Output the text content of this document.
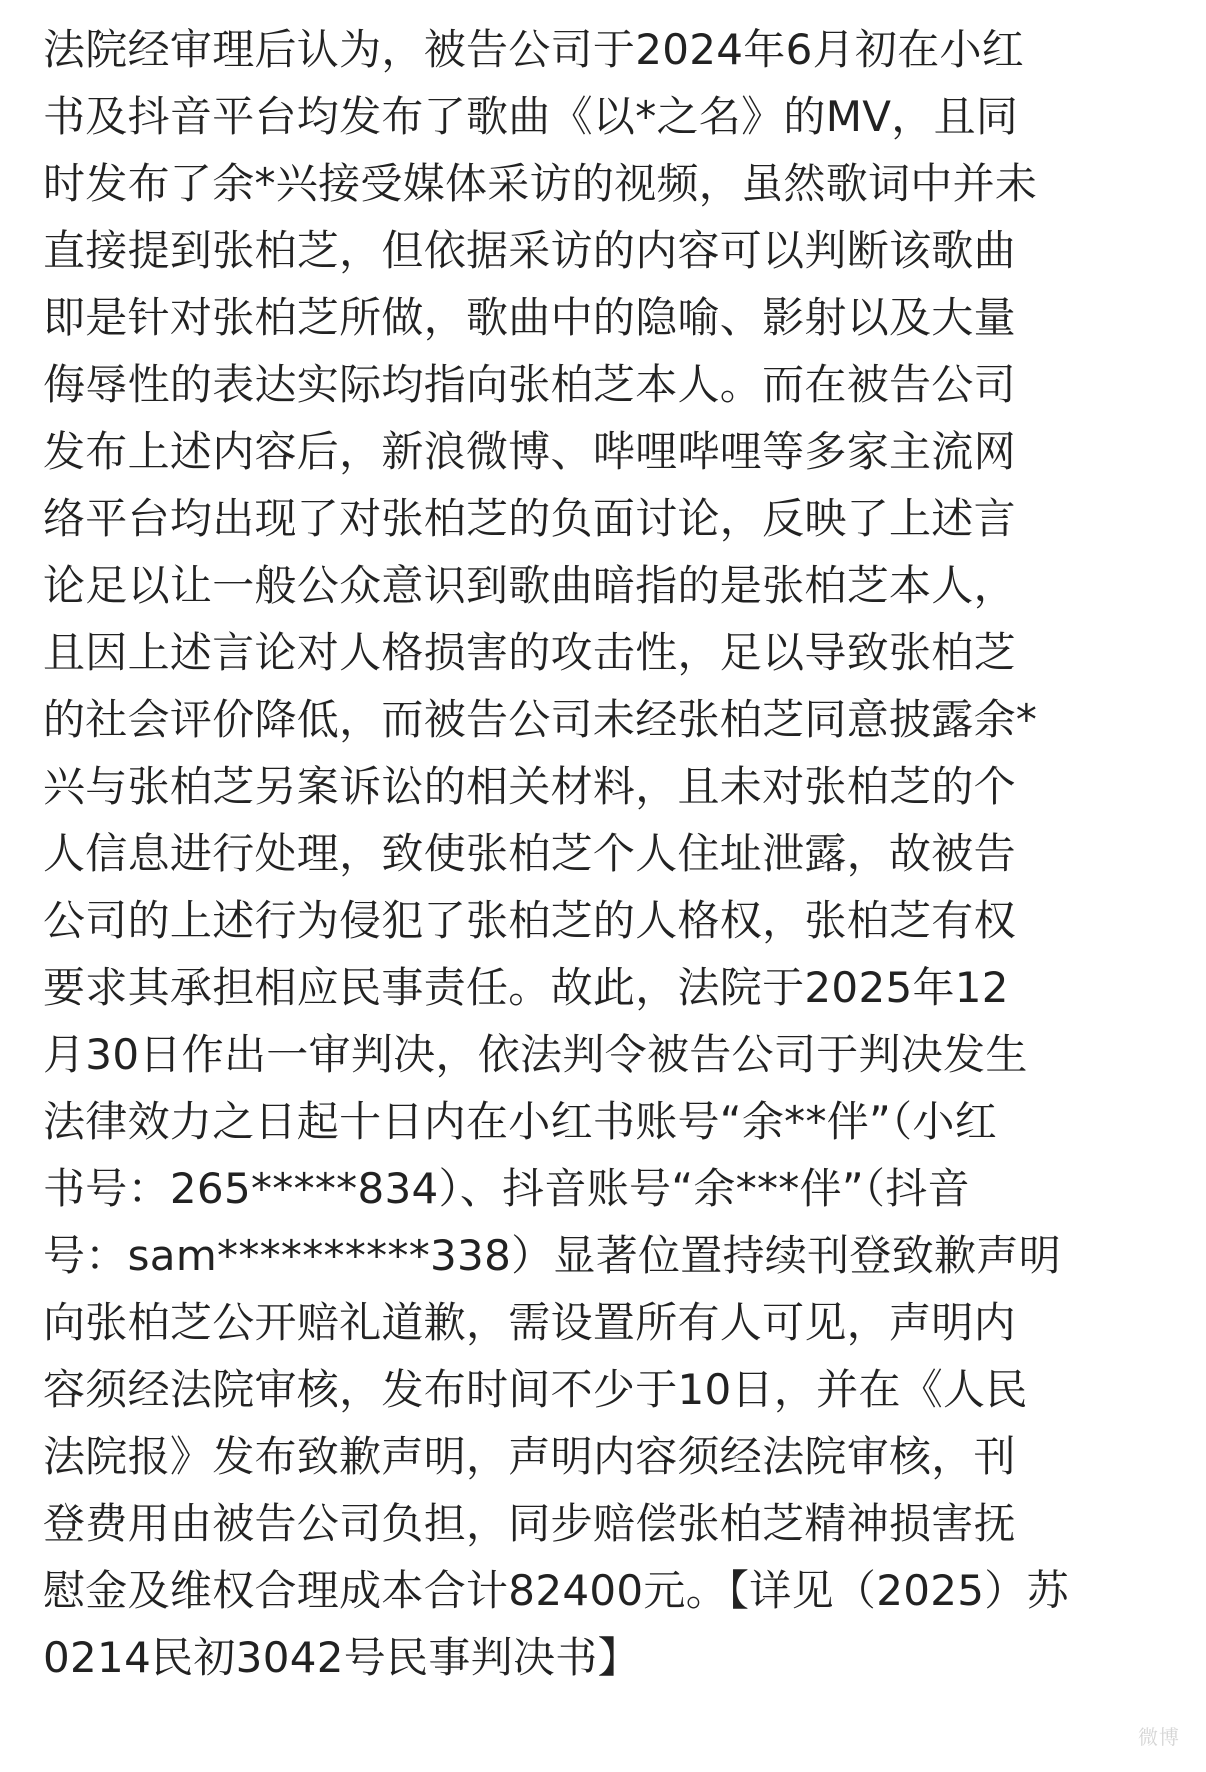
法院经审理后认为，被告公司于2024年6月初在小红
书及抖音平台均发布了歌曲《以*之名》的MV，且同
时发布了余*兴接受媒体采访的视频，虽然歌词中并未
直接提到张柏芝，但依据采访的内容可以判断该歌曲
即是针对张柏芝所做，歌曲中的隐喻、影射以及大量
侮辱性的表达实际均指向张柏芝本人。而在被告公司
发布上述内容后，新浪微博、哔哩哔哩等多家主流网
络平台均出现了对张柏芝的负面讨论，反映了上述言
论足以让一般公众意识到歌曲暗指的是张柏芝本人，
且因上述言论对人格损害的攻击性，足以导致张柏芝
的社会评价降低，而被告公司未经张柏芝同意披露余*
兴与张柏芝另案诉讼的相关材料，且未对张柏芝的个
人信息进行处理，致使张柏芝个人住址泄露，故被告
公司的上述行为侵犯了张柏芝的人格权，张柏芝有权
要求其承担相应民事责任。故此，法院于2025年12
月30日作出一审判决，依法判令被告公司于判决发生
法律效力之日起十日内在小红书账号“余**伴”（小红
书号：265*****834）、抖音账号“余***伴”（抖音
号：sam**********338）显著位置持续刊登致歉声明
向张柏芝公开赔礼道歉，需设置所有人可见，声明内
容须经法院审核，发布时间不少于10日，并在《人民
法院报》发布致歉声明，声明内容须经法院审核，刊
登费用由被告公司负担，同步赔偿张柏芝精神损害抚
慰金及维权合理成本合计82400元。【详见（2025）苏
0214民初3042号民事判决书】
微博
